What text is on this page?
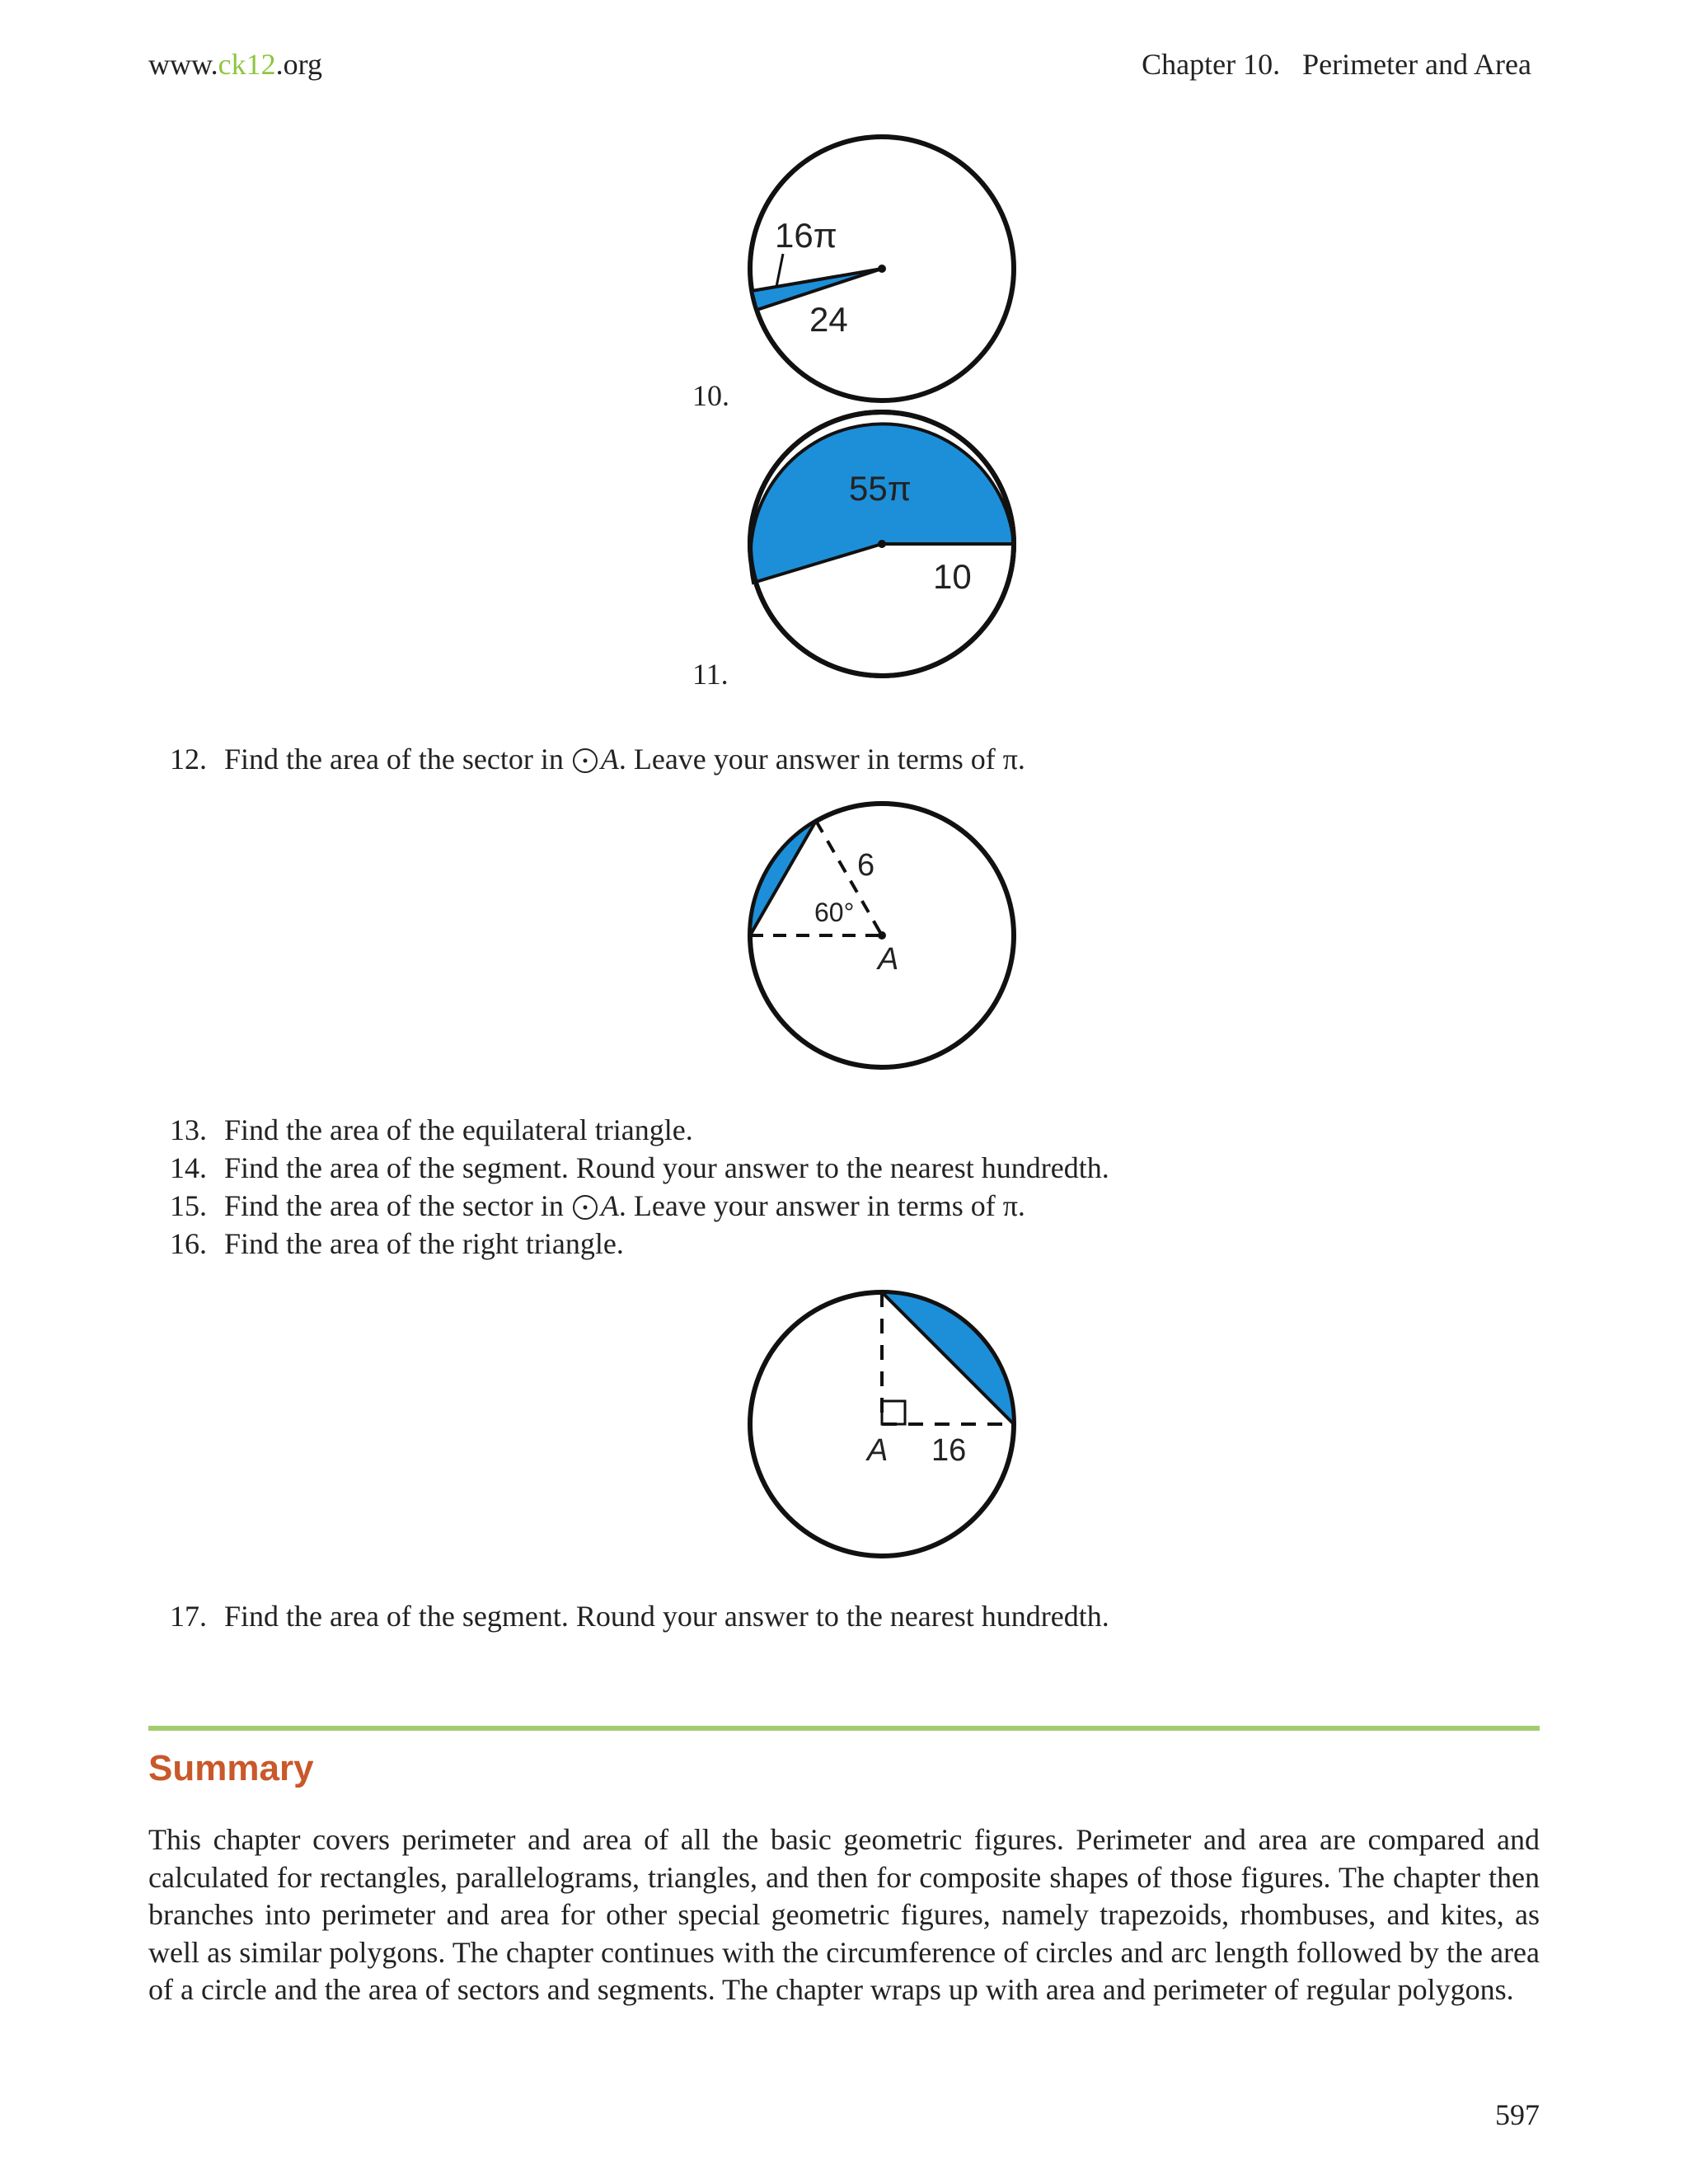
www.ck12.org	Chapter 10.   Perimeter and Area
16π
24
10.
55π
10
11.
12. Find the area of the sector in A. Leave your answer in terms of π.
6
60°
A
13. Find the area of the equilateral triangle.
14. Find the area of the segment. Round your answer to the nearest hundredth.
15. Find the area of the sector in A. Leave your answer in terms of π.
16. Find the area of the right triangle.
A 16
17. Find the area of the segment. Round your answer to the nearest hundredth.
Summary
This chapter covers perimeter and area of all the basic geometric figures. Perimeter and area are compared and calculated for rectangles, parallelograms, triangles, and then for composite shapes of those figures. The chapter then branches into perimeter and area for other special geometric figures, namely trapezoids, rhombuses, and kites, as well as similar polygons. The chapter continues with the circumference of circles and arc length followed by the area of a circle and the area of sectors and segments. The chapter wraps up with area and perimeter of regular polygons.
597
